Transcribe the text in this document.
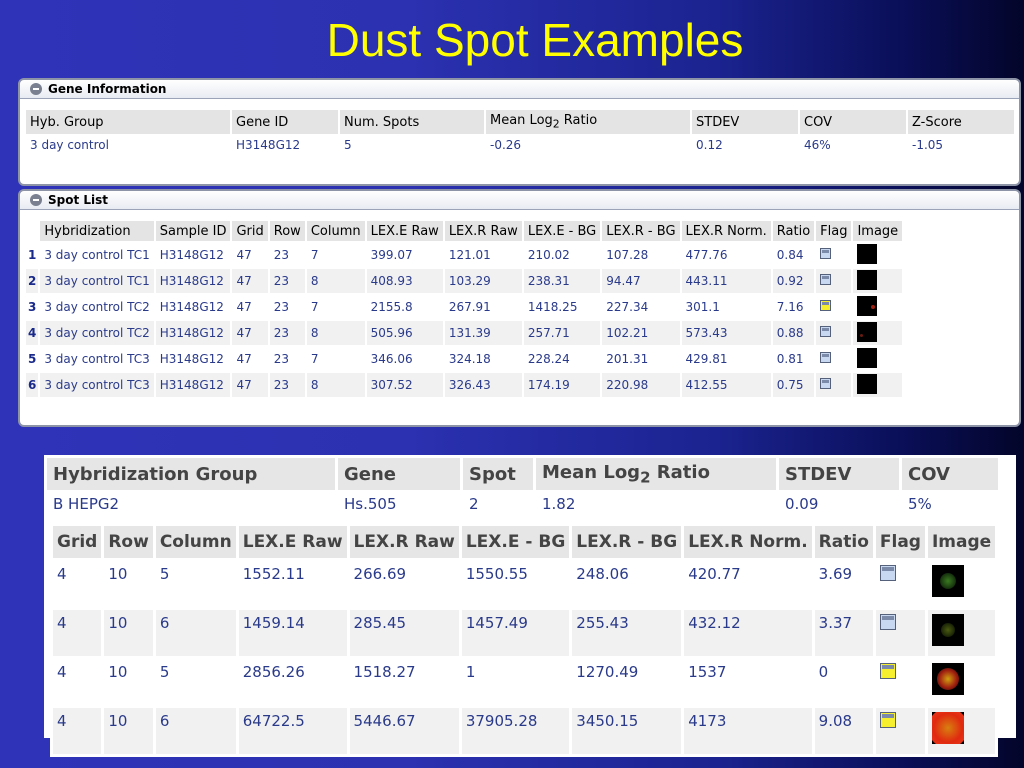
Dust Spot Examples
Gene Information
Hyb. Group	Gene ID	Num. Spots	Mean Log$_2$ Ratio	STDEV	COV	Z-Score
3 day control	H3148G12	5	-0.26	0.12	46%	-1.05
Spot List
	Hybridization	Sample ID	Grid	Row	Column	LEX.E Raw	LEX.R Raw	LEX.E - BG	LEX.R - BG	LEX.R Norm.	Ratio	Flag	Image
1	3 day control TC1	H3148G12	47	23	7	399.07	121.01	210.02	107.28	477.76	0.84		
2	3 day control TC1	H3148G12	47	23	8	408.93	103.29	238.31	94.47	443.11	0.92		
3	3 day control TC2	H3148G12	47	23	7	2155.8	267.91	1418.25	227.34	301.1	7.16		

4	3 day control TC2	H3148G12	47	23	8	505.96	131.39	257.71	102.21	573.43	0.88		

5	3 day control TC3	H3148G12	47	23	7	346.06	324.18	228.24	201.31	429.81	0.81		
6	3 day control TC3	H3148G12	47	23	8	307.52	326.43	174.19	220.98	412.55	0.75		
Hybridization Group	Gene	Spot	Mean Log$_2$ Ratio	STDEV	COV
B HEPG2	Hs.505	2	1.82	0.09	5%
Grid	Row	Column	LEX.E Raw	LEX.R Raw	LEX.E - BG	LEX.R - BG	LEX.R Norm.	Ratio	Flag	Image
4	10	5	1552.11	266.69	1550.55	248.06	420.77	3.69		

4	10	6	1459.14	285.45	1457.49	255.43	432.12	3.37		

4	10	5	2856.26	1518.27	1	1270.49	1537	0		

4	10	6	64722.5	5446.67	37905.28	3450.15	4173	9.08		
